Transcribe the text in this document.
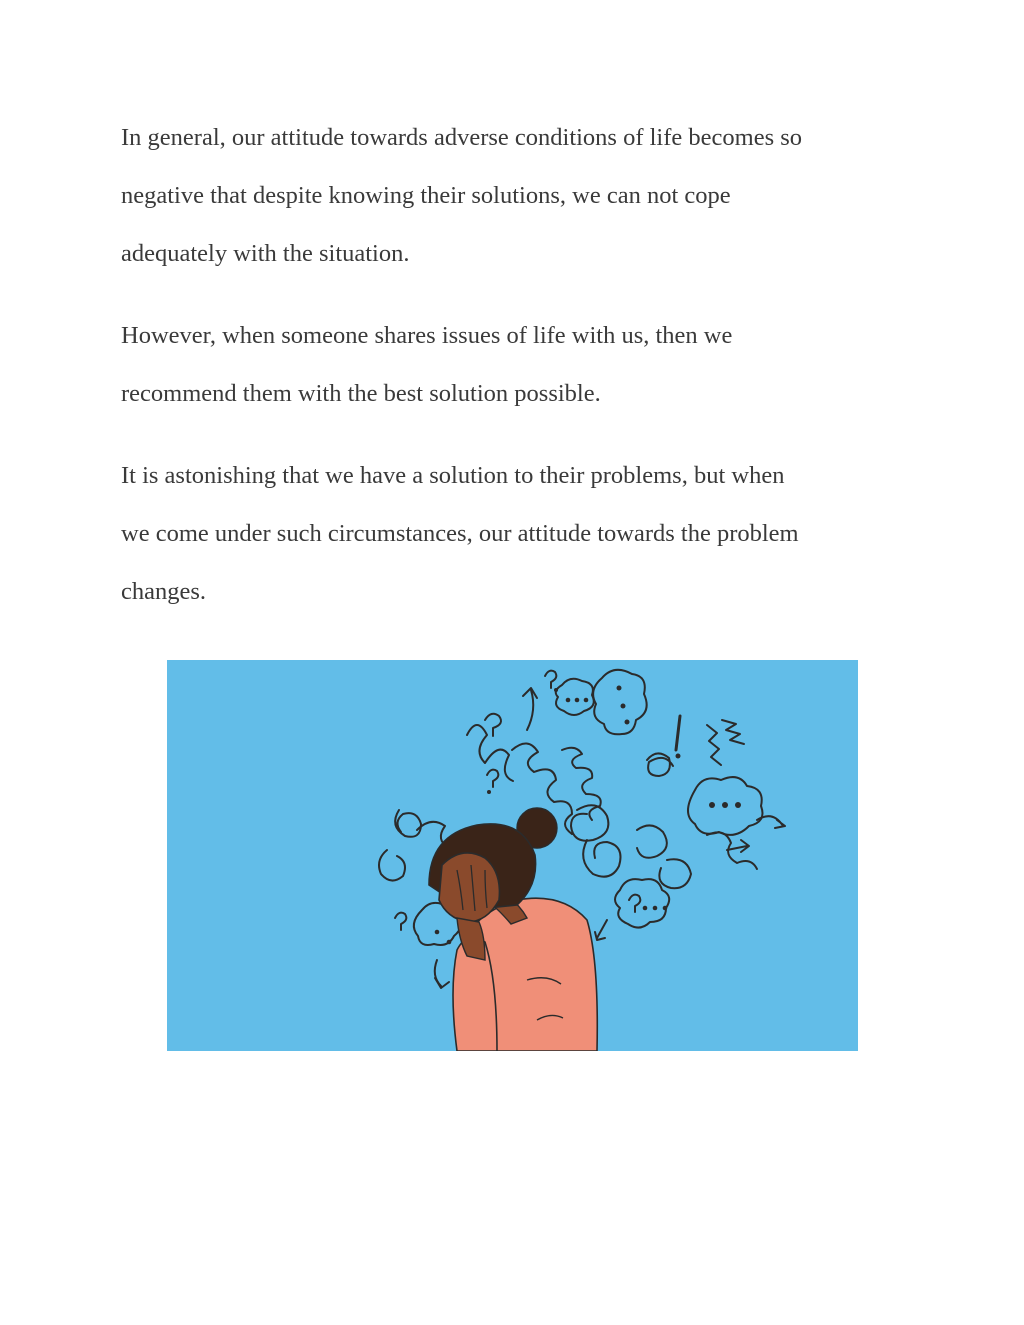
In general, our attitude towards adverse conditions of life becomes so
negative that despite knowing their solutions, we can not cope
adequately with the situation.

However, when someone shares issues of life with us, then we
recommend them with the best solution possible.

It is astonishing that we have a solution to their problems, but when
we come under such circumstances, our attitude towards the problem
changes.
